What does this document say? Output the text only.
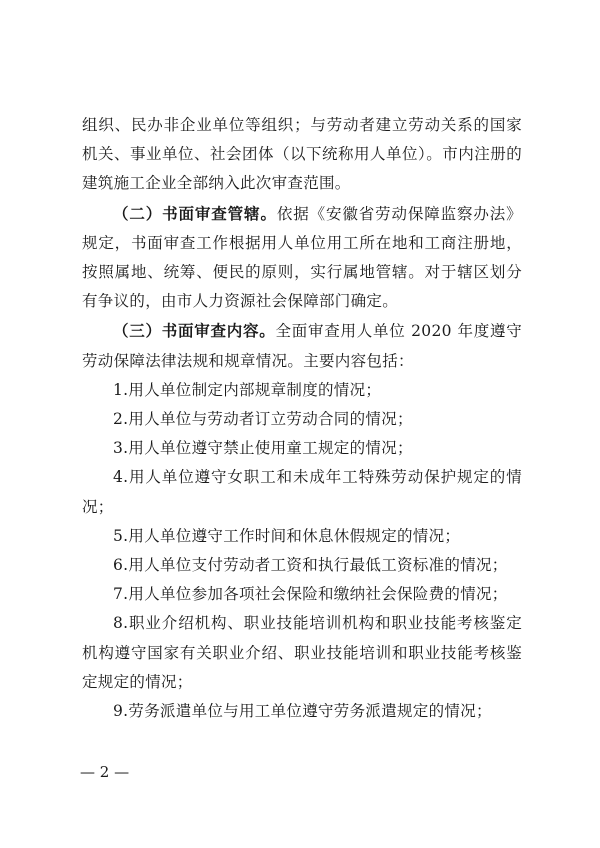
组织、民办非企业单位等组织；与劳动者建立劳动关系的国家机关、事业单位、社会团体（以下统称用人单位）。市内注册的建筑施工企业全部纳入此次审查范围。

（二）书面审查管辖。依据《安徽省劳动保障监察办法》规定，书面审查工作根据用人单位用工所在地和工商注册地，按照属地、统筹、便民的原则，实行属地管辖。对于辖区划分有争议的，由市人力资源社会保障部门确定。

（三）书面审查内容。全面审查用人单位 2020 年度遵守劳动保障法律法规和规章情况。主要内容包括：

1.用人单位制定内部规章制度的情况；

2.用人单位与劳动者订立劳动合同的情况；

3.用人单位遵守禁止使用童工规定的情况；

4.用人单位遵守女职工和未成年工特殊劳动保护规定的情况；

5.用人单位遵守工作时间和休息休假规定的情况；

6.用人单位支付劳动者工资和执行最低工资标准的情况；

7.用人单位参加各项社会保险和缴纳社会保险费的情况；

8.职业介绍机构、职业技能培训机构和职业技能考核鉴定机构遵守国家有关职业介绍、职业技能培训和职业技能考核鉴定规定的情况；

9.劳务派遣单位与用工单位遵守劳务派遣规定的情况；

— 2 —
